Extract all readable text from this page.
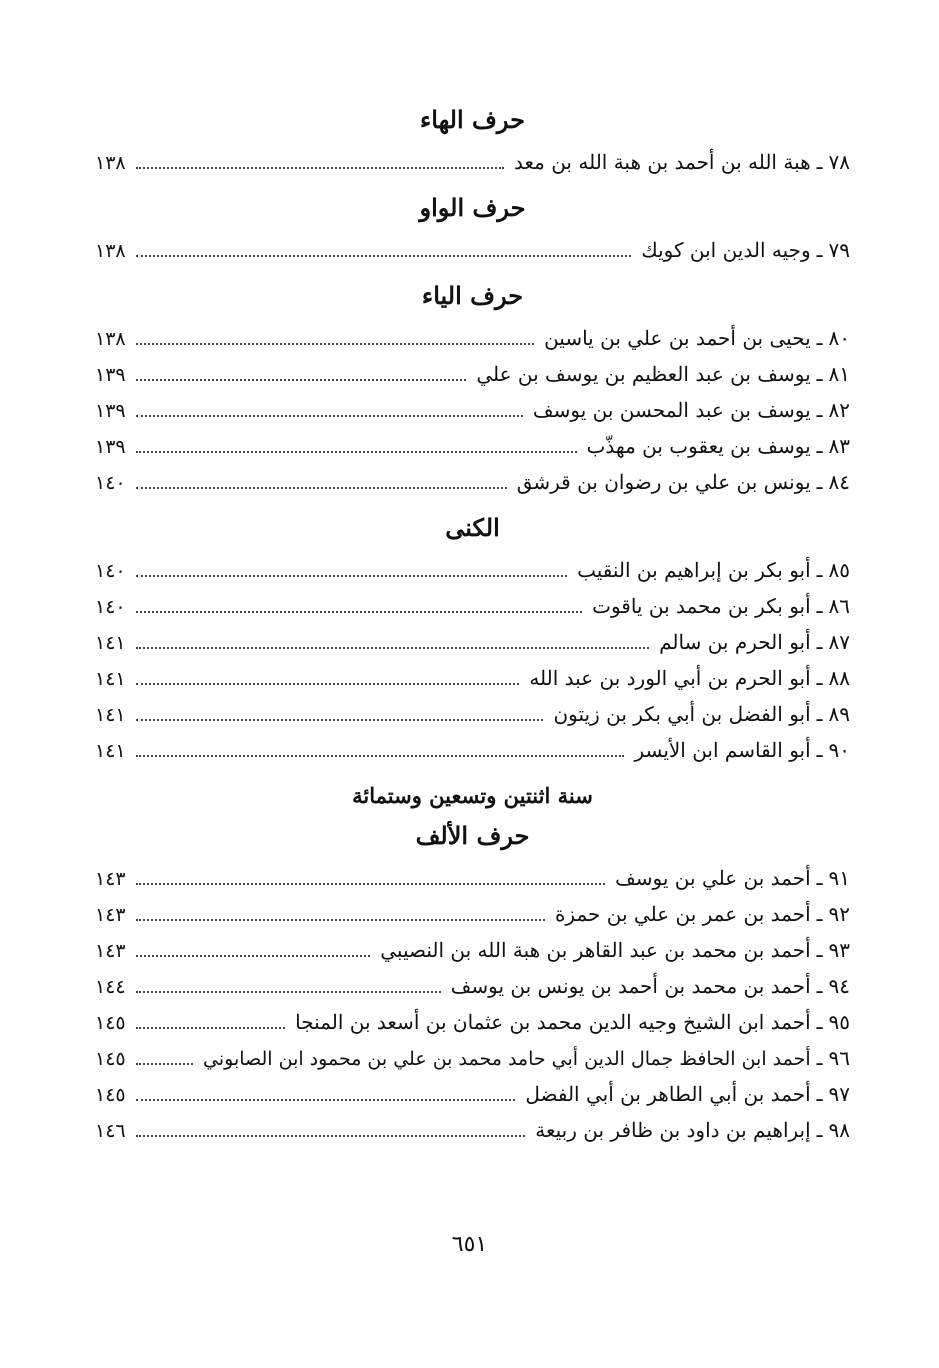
حرف الهاء
٧٨
ـ
هبة الله بن أحمد بن هبة الله بن معد
١٣٨
حرف الواو
٧٩
ـ
وجيه الدين ابن كويك
١٣٨
حرف الياء
٨٠
ـ
يحيى بن أحمد بن علي بن ياسين
١٣٨
٨١
ـ
يوسف بن عبد العظيم بن يوسف بن علي
١٣٩
٨٢
ـ
يوسف بن عبد المحسن بن يوسف
١٣٩
٨٣
ـ
يوسف بن يعقوب بن مهذّب
١٣٩
٨٤
ـ
يونس بن علي بن رضوان بن قرشق
١٤٠
الكنى
٨٥
ـ
أبو بكر بن إبراهيم بن النقيب
١٤٠
٨٦
ـ
أبو بكر بن محمد بن ياقوت
١٤٠
٨٧
ـ
أبو الحرم بن سالم
١٤١
٨٨
ـ
أبو الحرم بن أبي الورد بن عبد الله
١٤١
٨٩
ـ
أبو الفضل بن أبي بكر بن زيتون
١٤١
٩٠
ـ
أبو القاسم ابن الأيسر
١٤١
سنة اثنتين وتسعين وستمائة
حرف الألف
٩١
ـ
أحمد بن علي بن يوسف
١٤٣
٩٢
ـ
أحمد بن عمر بن علي بن حمزة
١٤٣
٩٣
ـ
أحمد بن محمد بن عبد القاهر بن هبة الله بن النصيبي
١٤٣
٩٤
ـ
أحمد بن محمد بن أحمد بن يونس بن يوسف
١٤٤
٩٥
ـ
أحمد ابن الشيخ وجيه الدين محمد بن عثمان بن أسعد بن المنجا
١٤٥
٩٦
ـ
أحمد ابن الحافظ جمال الدين أبي حامد محمد بن علي بن محمود ابن الصابوني
١٤٥
٩٧
ـ
أحمد بن أبي الطاهر بن أبي الفضل
١٤٥
٩٨
ـ
إبراهيم بن داود بن ظافر بن ربيعة
١٤٦
٦٥١
